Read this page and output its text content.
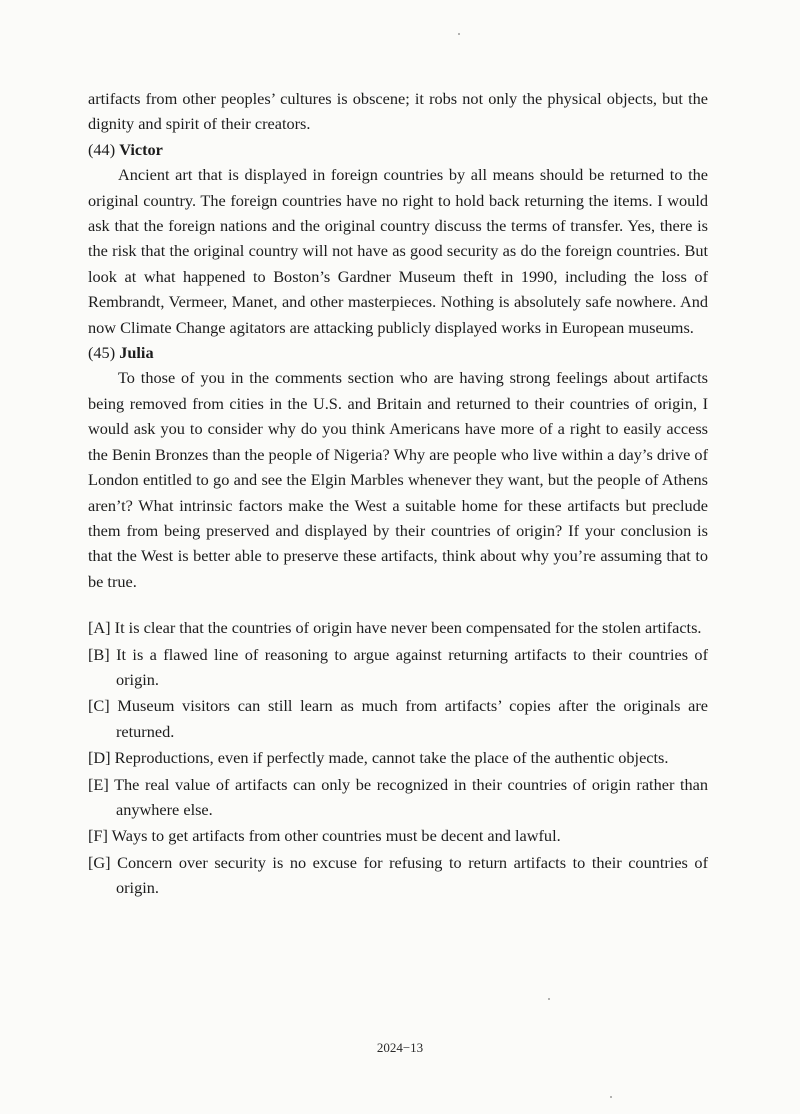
artifacts from other peoples’ cultures is obscene; it robs not only the physical objects, but the dignity and spirit of their creators.

(44) Victor

Ancient art that is displayed in foreign countries by all means should be returned to the original country. The foreign countries have no right to hold back returning the items. I would ask that the foreign nations and the original country discuss the terms of transfer. Yes, there is the risk that the original country will not have as good security as do the foreign countries. But look at what happened to Boston’s Gardner Museum theft in 1990, including the loss of Rembrandt, Vermeer, Manet, and other masterpieces. Nothing is absolutely safe nowhere. And now Climate Change agitators are attacking publicly displayed works in European museums.

(45) Julia

To those of you in the comments section who are having strong feelings about artifacts being removed from cities in the U.S. and Britain and returned to their countries of origin, I would ask you to consider why do you think Americans have more of a right to easily access the Benin Bronzes than the people of Nigeria? Why are people who live within a day’s drive of London entitled to go and see the Elgin Marbles whenever they want, but the people of Athens aren’t? What intrinsic factors make the West a suitable home for these artifacts but preclude them from being preserved and displayed by their countries of origin? If your conclusion is that the West is better able to preserve these artifacts, think about why you’re assuming that to be true.

[A] It is clear that the countries of origin have never been compensated for the stolen artifacts.

[B] It is a flawed line of reasoning to argue against returning artifacts to their countries of origin.

[C] Museum visitors can still learn as much from artifacts’ copies after the originals are returned.

[D] Reproductions, even if perfectly made, cannot take the place of the authentic objects.

[E] The real value of artifacts can only be recognized in their countries of origin rather than anywhere else.

[F] Ways to get artifacts from other countries must be decent and lawful.

[G] Concern over security is no excuse for refusing to return artifacts to their countries of origin.

2024−13
